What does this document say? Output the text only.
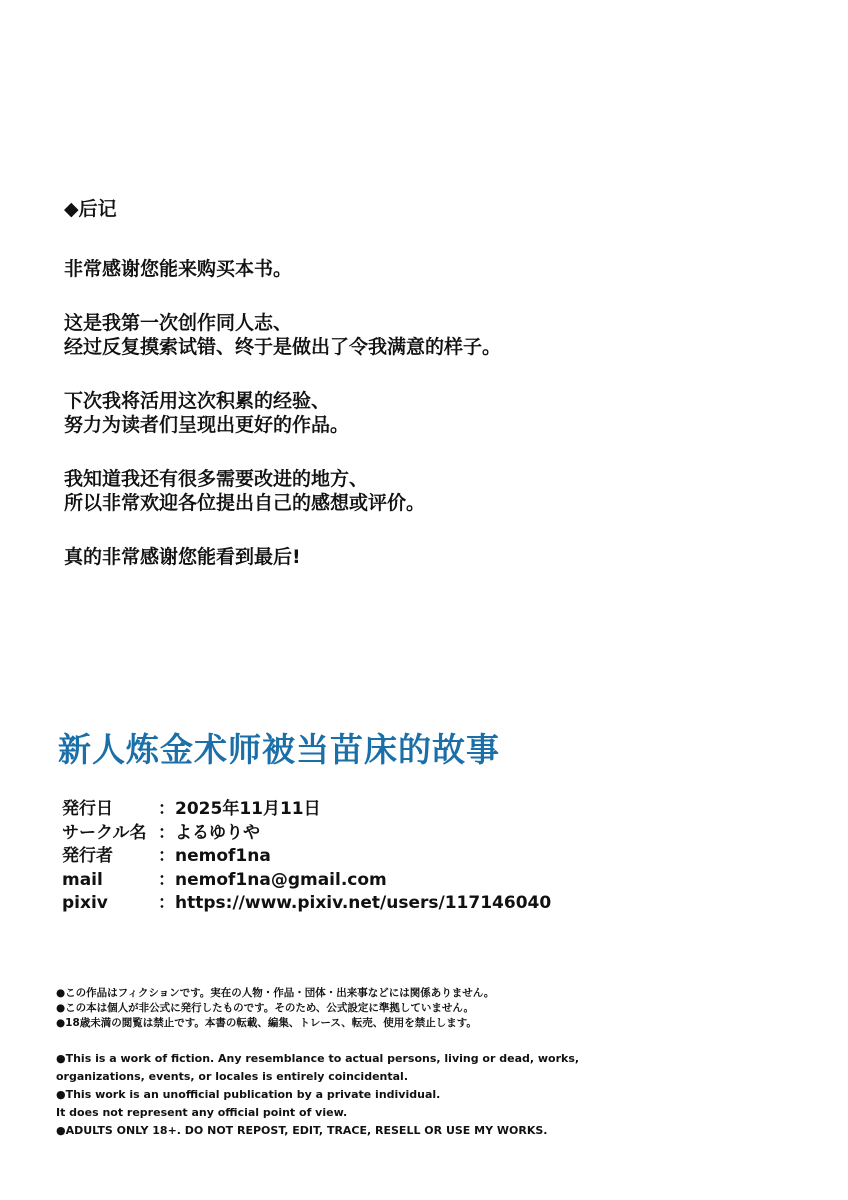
◆后记
非常感谢您能来购买本书。
这是我第一次创作同人志、
经过反复摸索试错、终于是做出了令我满意的样子。
下次我将活用这次积累的经验、
努力为读者们呈现出更好的作品。
我知道我还有很多需要改进的地方、
所以非常欢迎各位提出自己的感想或评价。
真的非常感谢您能看到最后!
新人炼金术师被当苗床的故事
発行日	：2025年11月11日
サークル名 ：よるゆりや
発行者	：nemof1na
mail	：nemof1na@gmail.com
pixiv	：https://www.pixiv.net/users/117146040
●この作品はフィクションです。実在の人物・作品・団体・出来事などには関係ありません。
●この本は個人が非公式に発行したものです。そのため、公式設定に準拠していません。
●18歳未満の閲覧は禁止です。本書の転載、編集、トレース、転売、使用を禁止します。
●This is a work of fiction. Any resemblance to actual persons, living or dead, works,
organizations, events, or locales is entirely coincidental.
●This work is an unofficial publication by a private individual.
It does not represent any official point of view.
●ADULTS ONLY 18+. DO NOT REPOST, EDIT, TRACE, RESELL OR USE MY WORKS.
